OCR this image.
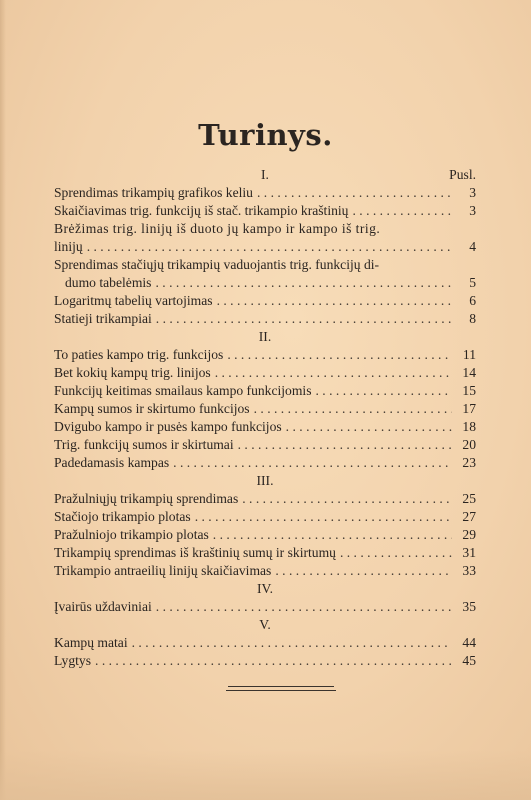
Turinys.
I.	Pusl.
Sprendimas trikampių grafikos keliu . . .	3
Skaičiavimas trig. funkcijų iš stač. trikampio kraštinių . . .	3
Brėžimas trig. linijų iš duoto jų kampo ir kampo iš trig.
linijų . . .	4
Sprendimas stačiųjų trikampių vaduojantis trig. funkcijų di-
dumo tabelėmis . . .	5
Logaritmų tabelių vartojimas . . .	6
Statieji trikampiai . . .	8
II.
To paties kampo trig. funkcijos . . .	11
Bet kokių kampų trig. linijos . . .	14
Funkcijų keitimas smailaus kampo funkcijomis . . .	15
Kampų sumos ir skirtumo funkcijos . . .	17
Dvigubo kampo ir pusės kampo funkcijos . . .	18
Trig. funkcijų sumos ir skirtumai . . .	20
Padedamasis kampas . . .	23
III.
Pražulniųjų trikampių sprendimas . . .	25
Stačiojo trikampio plotas . . .	27
Pražulniojo trikampio plotas . . .	29
Trikampių sprendimas iš kraštinių sumų ir skirtumų . . .	31
Trikampio antraeilių linijų skaičiavimas . . .	33
IV.
Įvairūs uždaviniai . . .	35
V.
Kampų matai . . .	44
Lygtys . . .	45
